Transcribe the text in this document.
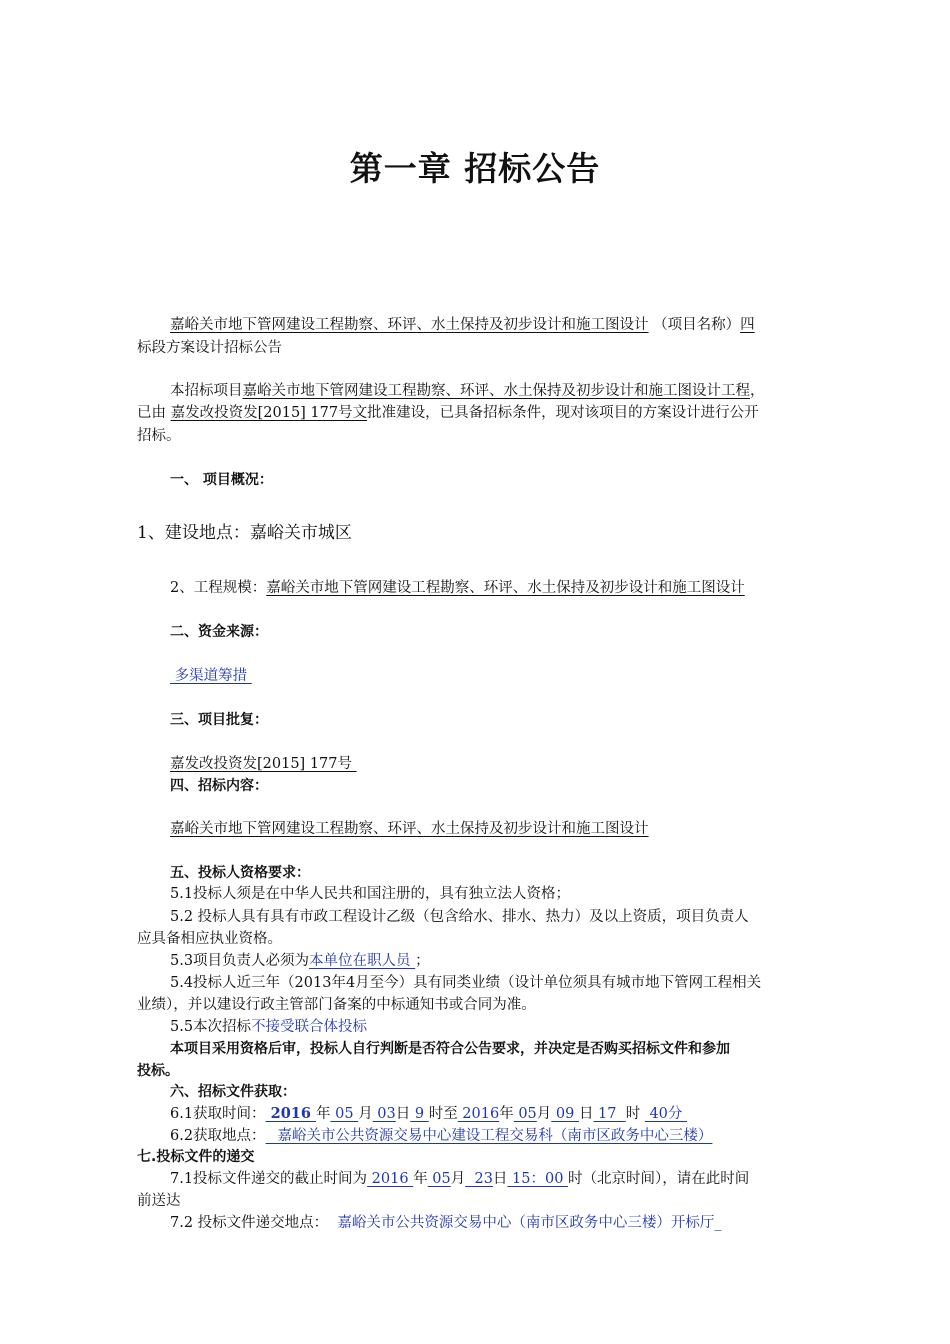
第一章 招标公告
嘉峪关市地下管网建设工程勘察、环评、水土保持及初步设计和施工图设计 （项目名称）四
标段方案设计招标公告
本招标项目嘉峪关市地下管网建设工程勘察、环评、水土保持及初步设计和施工图设计工程，
已由 嘉发改投资发[2015] 177号文批准建设，已具备招标条件，现对该项目的方案设计进行公开
招标。
一、 项目概况：
1、建设地点：嘉峪关市城区
2、工程规模：嘉峪关市地下管网建设工程勘察、环评、水土保持及初步设计和施工图设计
二、资金来源：
多渠道筹措
三、项目批复：
嘉发改投资发[2015] 177号
四、招标内容：
嘉峪关市地下管网建设工程勘察、环评、水土保持及初步设计和施工图设计
五、投标人资格要求：
5.1投标人须是在中华人民共和国注册的，具有独立法人资格；
5.2 投标人具有具有市政工程设计乙级（包含给水、排水、热力）及以上资质，项目负责人
应具备相应执业资格。
5.3项目负责人必须为本单位在职人员 ；
5.4投标人近三年（2013年4月至今）具有同类业绩（设计单位须具有城市地下管网工程相关
业绩），并以建设行政主管部门备案的中标通知书或合同为准。
5.5本次招标不接受联合体投标
本项目采用资格后审，投标人自行判断是否符合公告要求，并决定是否购买招标文件和参加
投标。
六、招标文件获取：
6.1获取时间： 2016 年 05 月 03日 9 时至 2016年 05月 09 日 17  时  40分
6.2获取地点： _嘉峪关市公共资源交易中心建设工程交易科（南市区政务中心三楼）
七.投标文件的递交
7.1投标文件递交的截止时间为 2016 年 05月  23日 15：00 时（北京时间），请在此时间
前送达
7.2 投标文件递交地点：  嘉峪关市公共资源交易中心（南市区政务中心三楼）开标厅_
